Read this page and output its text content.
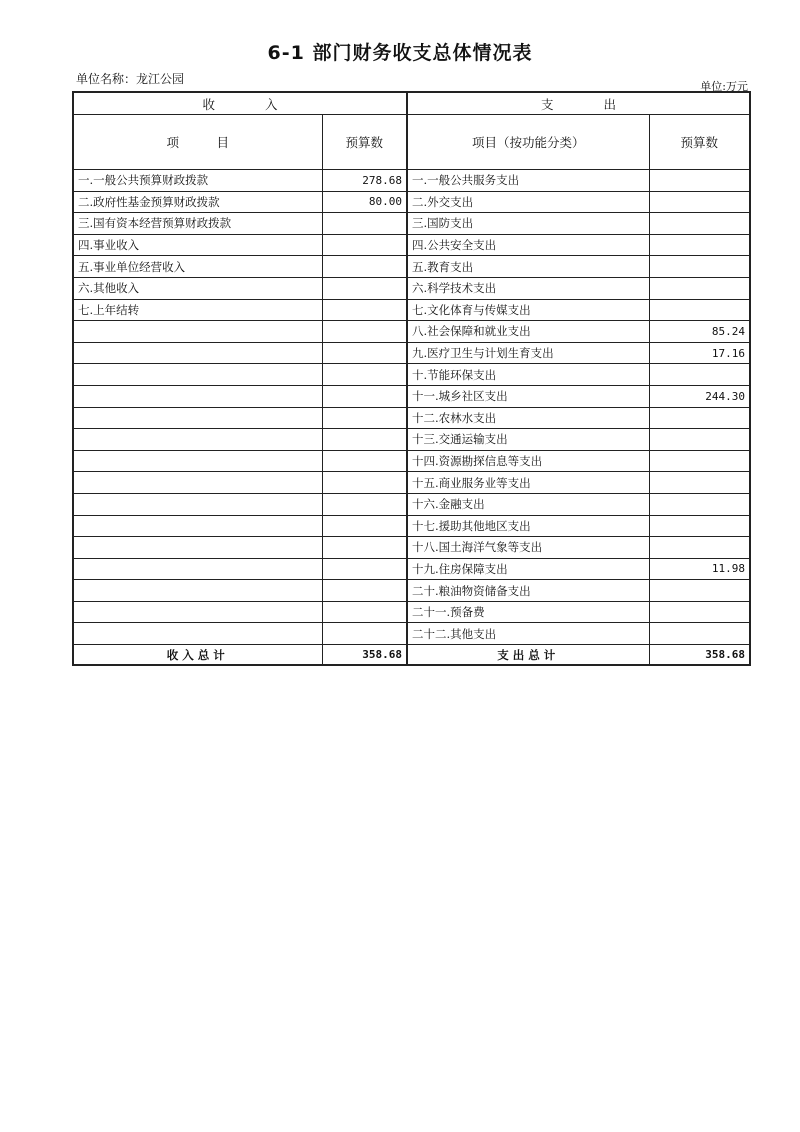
6-1 部门财务收支总体情况表
单位名称：龙江公园
单位:万元
收　　　　入		支　　　　出	
项　　　目	预算数	项目（按功能分类）	预算数
一.一般公共预算财政拨款	278.68	一.一般公共服务支出	
二.政府性基金预算财政拨款	80.00	二.外交支出	
三.国有资本经营预算财政拨款		三.国防支出	
四.事业收入		四.公共安全支出	
五.事业单位经营收入		五.教育支出	
六.其他收入		六.科学技术支出	
七.上年结转		七.文化体育与传媒支出	
		八.社会保障和就业支出	85.24
		九.医疗卫生与计划生育支出	17.16
		十.节能环保支出	
		十一.城乡社区支出	244.30
		十二.农林水支出	
		十三.交通运输支出	
		十四.资源勘探信息等支出	
		十五.商业服务业等支出	
		十六.金融支出	
		十七.援助其他地区支出	
		十八.国土海洋气象等支出	
		十九.住房保障支出	11.98
		二十.粮油物资储备支出	
		二十一.预备费	
		二十二.其他支出	
收入总计	358.68	支出总计	358.68
